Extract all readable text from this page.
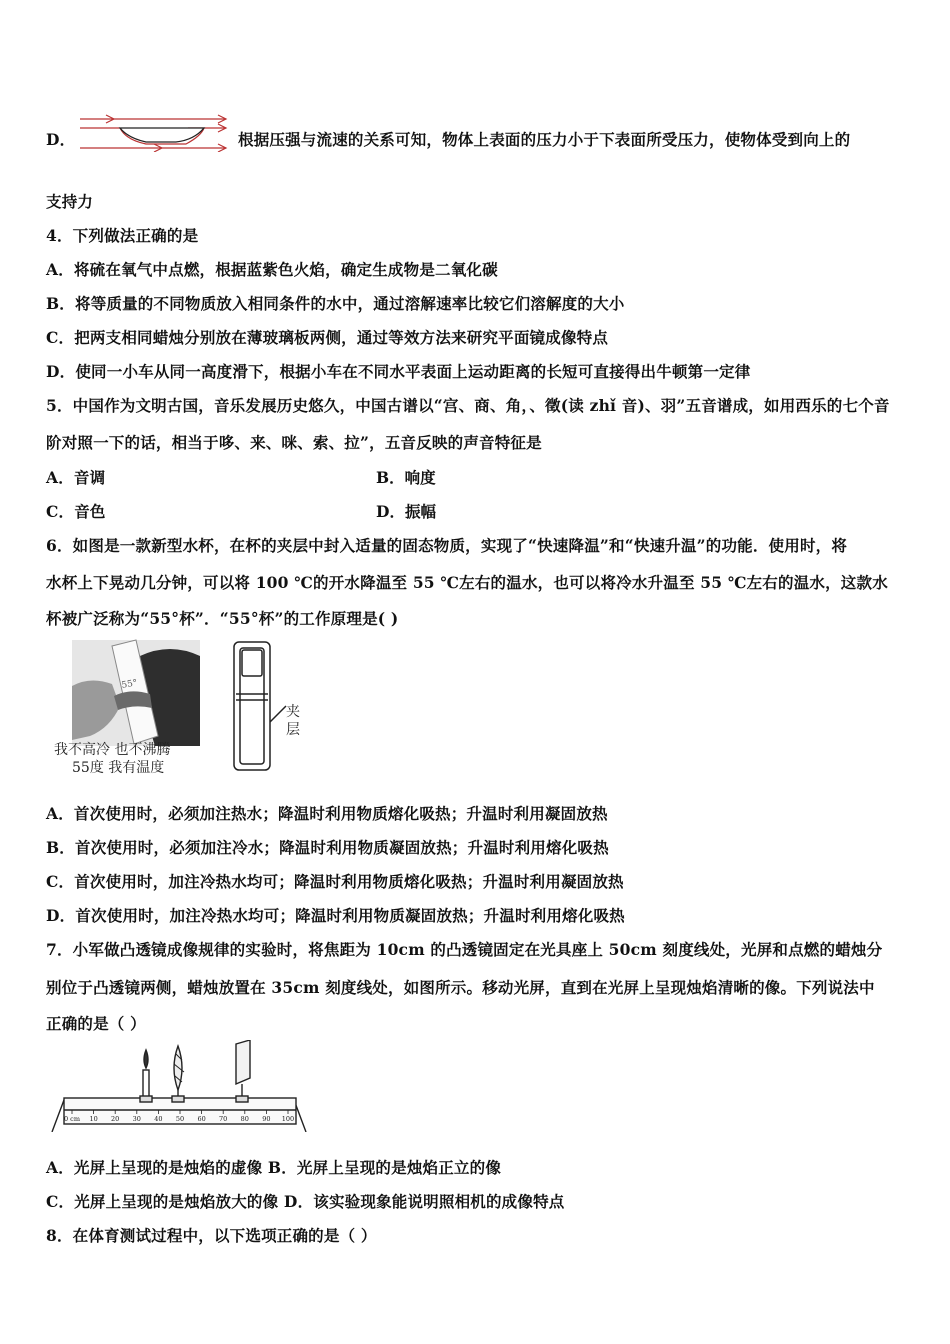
D．	根据压强与流速的关系可知，物体上表面的压力小于下表面所受压力，使物体受到向上的
支持力
4．下列做法正确的是
A．将硫在氧气中点燃，根据蓝紫色火焰，确定生成物是二氧化碳
B．将等质量的不同物质放入相同条件的水中，通过溶解速率比较它们溶解度的大小
C．把两支相同蜡烛分别放在薄玻璃板两侧，通过等效方法来研究平面镜成像特点
D．使同一小车从同一高度滑下，根据小车在不同水平表面上运动距离的长短可直接得出牛顿第一定律
5．中国作为文明古国，音乐发展历史悠久，中国古谱以“宫、商、角，、徵(读 zhǐ 音)、羽”五音谱成，如用西乐的七个音
阶对照一下的话，相当于哆、来、咪、索、拉”，五音反映的声音特征是
A．音调	B．响度
C．音色	D．振幅
6．如图是一款新型水杯，在杯的夹层中封入适量的固态物质，实现了“快速降温”和“快速升温”的功能．使用时，将
水杯上下晃动几分钟，可以将 100 ℃的开水降温至 55 ℃左右的温水，也可以将冷水升温至 55 ℃左右的温水，这款水
杯被广泛称为“55°杯”．“55°杯”的工作原理是( )
55°
我不高冷 也不沸腾
55度 我有温度
夹
层
A．首次使用时，必须加注热水；降温时利用物质熔化吸热；升温时利用凝固放热
B．首次使用时，必须加注冷水；降温时利用物质凝固放热；升温时利用熔化吸热
C．首次使用时，加注冷热水均可；降温时利用物质熔化吸热；升温时利用凝固放热
D．首次使用时，加注冷热水均可；降温时利用物质凝固放热；升温时利用熔化吸热
7．小军做凸透镜成像规律的实验时，将焦距为 10cm 的凸透镜固定在光具座上 50cm 刻度线处，光屏和点燃的蜡烛分
别位于凸透镜两侧，蜡烛放置在 35cm 刻度线处，如图所示。移动光屏，直到在光屏上呈现烛焰清晰的像。下列说法中
正确的是（ ）
0 cm 10 20 30 40 50 60 70 80 90 100
A．光屏上呈现的是烛焰的虚像 B．光屏上呈现的是烛焰正立的像
C．光屏上呈现的是烛焰放大的像 D．该实验现象能说明照相机的成像特点
8．在体育测试过程中，以下选项正确的是（ ）
